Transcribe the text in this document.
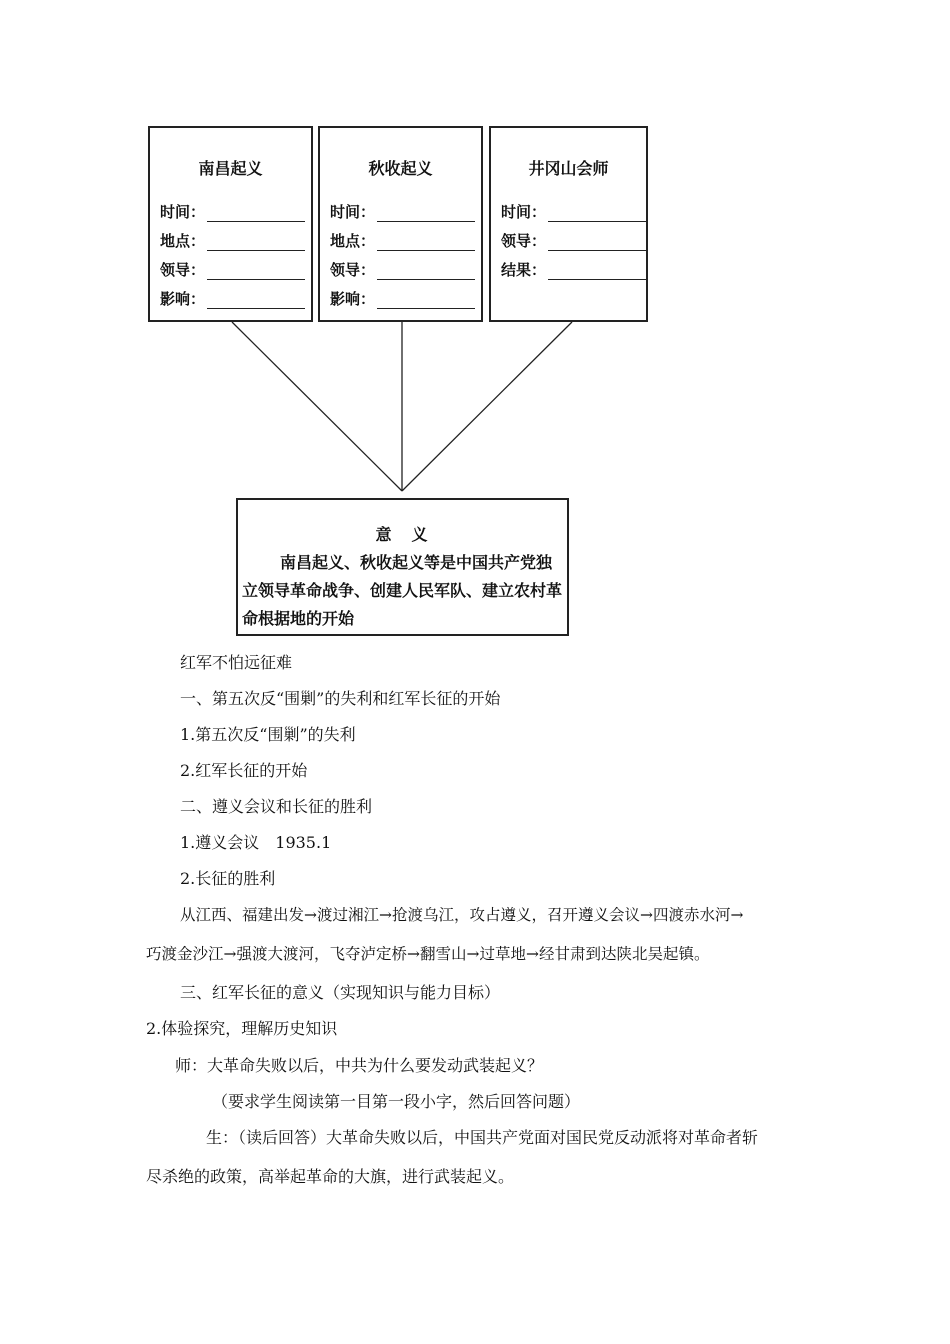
南昌起义
时间：
地点：
领导：
影响：
秋收起义
时间：
地点：
领导：
影响：
井冈山会师
时间：
领导：
结果：
意　义
南昌起义、秋收起义等是中国共产党独立领导革命战争、创建人民军队、建立农村革命根据地的开始
红军不怕远征难
一、第五次反“围剿”的失利和红军长征的开始
1.第五次反“围剿”的失利
2.红军长征的开始
二、遵义会议和长征的胜利
1.遵义会议　1935.1
2.长征的胜利
从江西、福建出发→渡过湘江→抢渡乌江，攻占遵义，召开遵义会议→四渡赤水河→
巧渡金沙江→强渡大渡河，飞夺泸定桥→翻雪山→过草地→经甘肃到达陕北吴起镇。
三、红军长征的意义（实现知识与能力目标）
2.体验探究，理解历史知识
师：大革命失败以后，中共为什么要发动武装起义？
（要求学生阅读第一目第一段小字，然后回答问题）
生：（读后回答）大革命失败以后，中国共产党面对国民党反动派将对革命者斩
尽杀绝的政策，高举起革命的大旗，进行武装起义。
